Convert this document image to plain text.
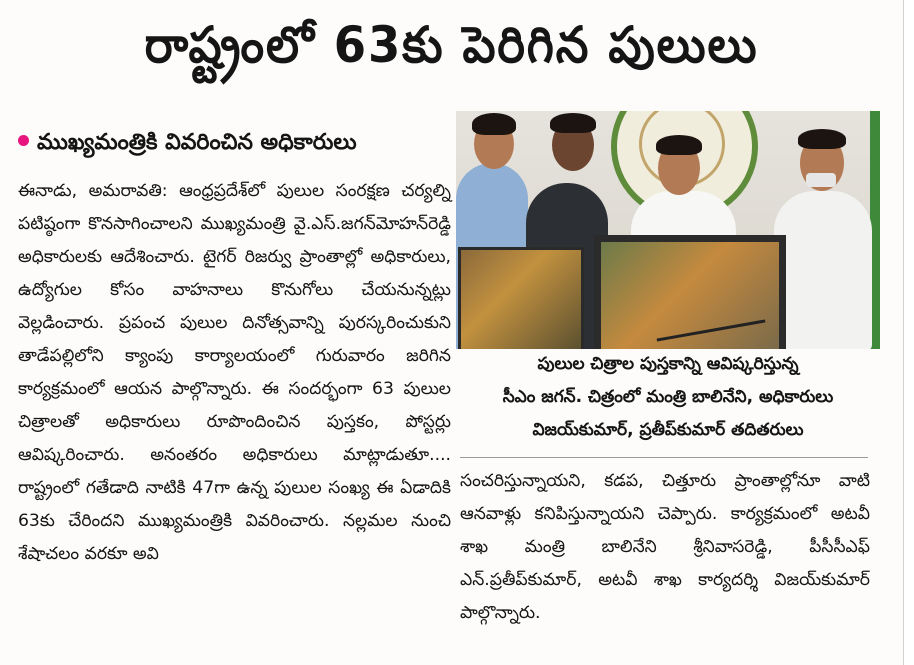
రాష్ట్రంలో 63కు పెరిగిన పులులు
ముఖ్యమంత్రికి వివరించిన అధికారులు

ఈనాడు, అమరావతి: ఆంధ్రప్రదేశ్‌లో పులుల సంరక్షణ చర్యల్ని పటిష్ఠంగా కొనసాగించాలని ముఖ్యమంత్రి వై.ఎస్‌.జగన్‌మోహన్‌రెడ్డి అధికారులకు ఆదేశించారు. టైగర్‌ రిజర్వు ప్రాంతాల్లో అధికారులు, ఉద్యోగుల కోసం వాహనాలు కొనుగోలు చేయనున్నట్లు వెల్లడించారు. ప్రపంచ పులుల దినోత్సవాన్ని పురస్కరించుకుని తాడేపల్లిలోని క్యాంపు కార్యాలయంలో గురువారం జరిగిన కార్యక్రమంలో ఆయన పాల్గొన్నారు. ఈ సందర్భంగా 63 పులుల చిత్రాలతో అధికారులు రూపొందించిన పుస్తకం, పోస్టర్లు ఆవిష్కరించారు. అనంతరం అధికారులు మాట్లాడుతూ.... రాష్ట్రంలో గతేడాది నాటికి 47గా ఉన్న పులుల సంఖ్య ఈ ఏడాదికి 63కు చేరిందని ముఖ్యమంత్రికి వివరించారు. నల్లమల నుంచి శేషాచలం వరకూ అవి

పులుల చిత్రాల పుస్తకాన్ని ఆవిష్కరిస్తున్న

సీఎం జగన్‌. చిత్రంలో మంత్రి బాలినేని, అధికారులు

విజయ్‌కుమార్‌, ప్రతీప్‌కుమార్‌ తదితరులు

సంచరిస్తున్నాయని, కడప, చిత్తూరు ప్రాంతాల్లోనూ వాటి ఆనవాళ్లు కనిపిస్తున్నాయని చెప్పారు. కార్యక్రమంలో అటవీ శాఖ మంత్రి బాలినేని శ్రీనివాసరెడ్డి, పీసీసీఎఫ్‌ ఎన్‌.ప్రతీప్‌కుమార్‌, అటవీ శాఖ కార్యదర్శి విజయ్‌కుమార్‌ పాల్గొన్నారు.
